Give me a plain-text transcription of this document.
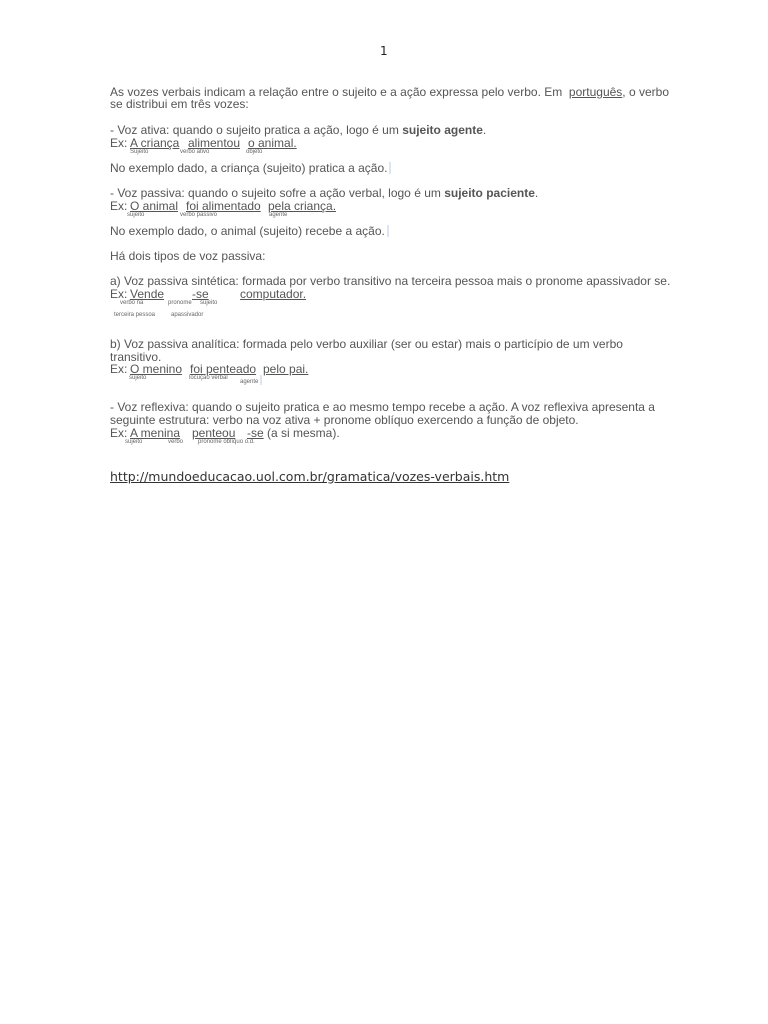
1
As vozes verbais indicam a relação entre o sujeito e a ação expressa pelo verbo. Em português, o verbo
se distribui em três vozes:
- Voz ativa: quando o sujeito pratica a ação, logo é um sujeito agente.
Ex: A criança alimentou o animal.
Sujeito	verbo ativo	objeto
No exemplo dado, a criança (sujeito) pratica a ação.
- Voz passiva: quando o sujeito sofre a ação verbal, logo é um sujeito paciente.
Ex: O animal foi alimentado pela criança.
sujeito	verbo passivo	agente
No exemplo dado, o animal (sujeito) recebe a ação.
Há dois tipos de voz passiva:
a) Voz passiva sintética: formada por verbo transitivo na terceira pessoa mais o pronome apassivador se.
Ex: Vende -se	computador.
verbo na	pronome sujeito
terceira pessoa	apassivador
b) Voz passiva analítica: formada pelo verbo auxiliar (ser ou estar) mais o particípio de um verbo
transitivo.
Ex: O menino foi penteado pelo pai.
sujeito	locução verbal
agente
- Voz reflexiva: quando o sujeito pratica e ao mesmo tempo recebe a ação. A voz reflexiva apresenta a
seguinte estrutura: verbo na voz ativa + pronome oblíquo exercendo a função de objeto.
Ex: A menina penteou -se (a si mesma).
sujeito	verbo pronome oblíquo o.d.
http://mundoeducacao.uol.com.br/gramatica/vozes-verbais.htm
